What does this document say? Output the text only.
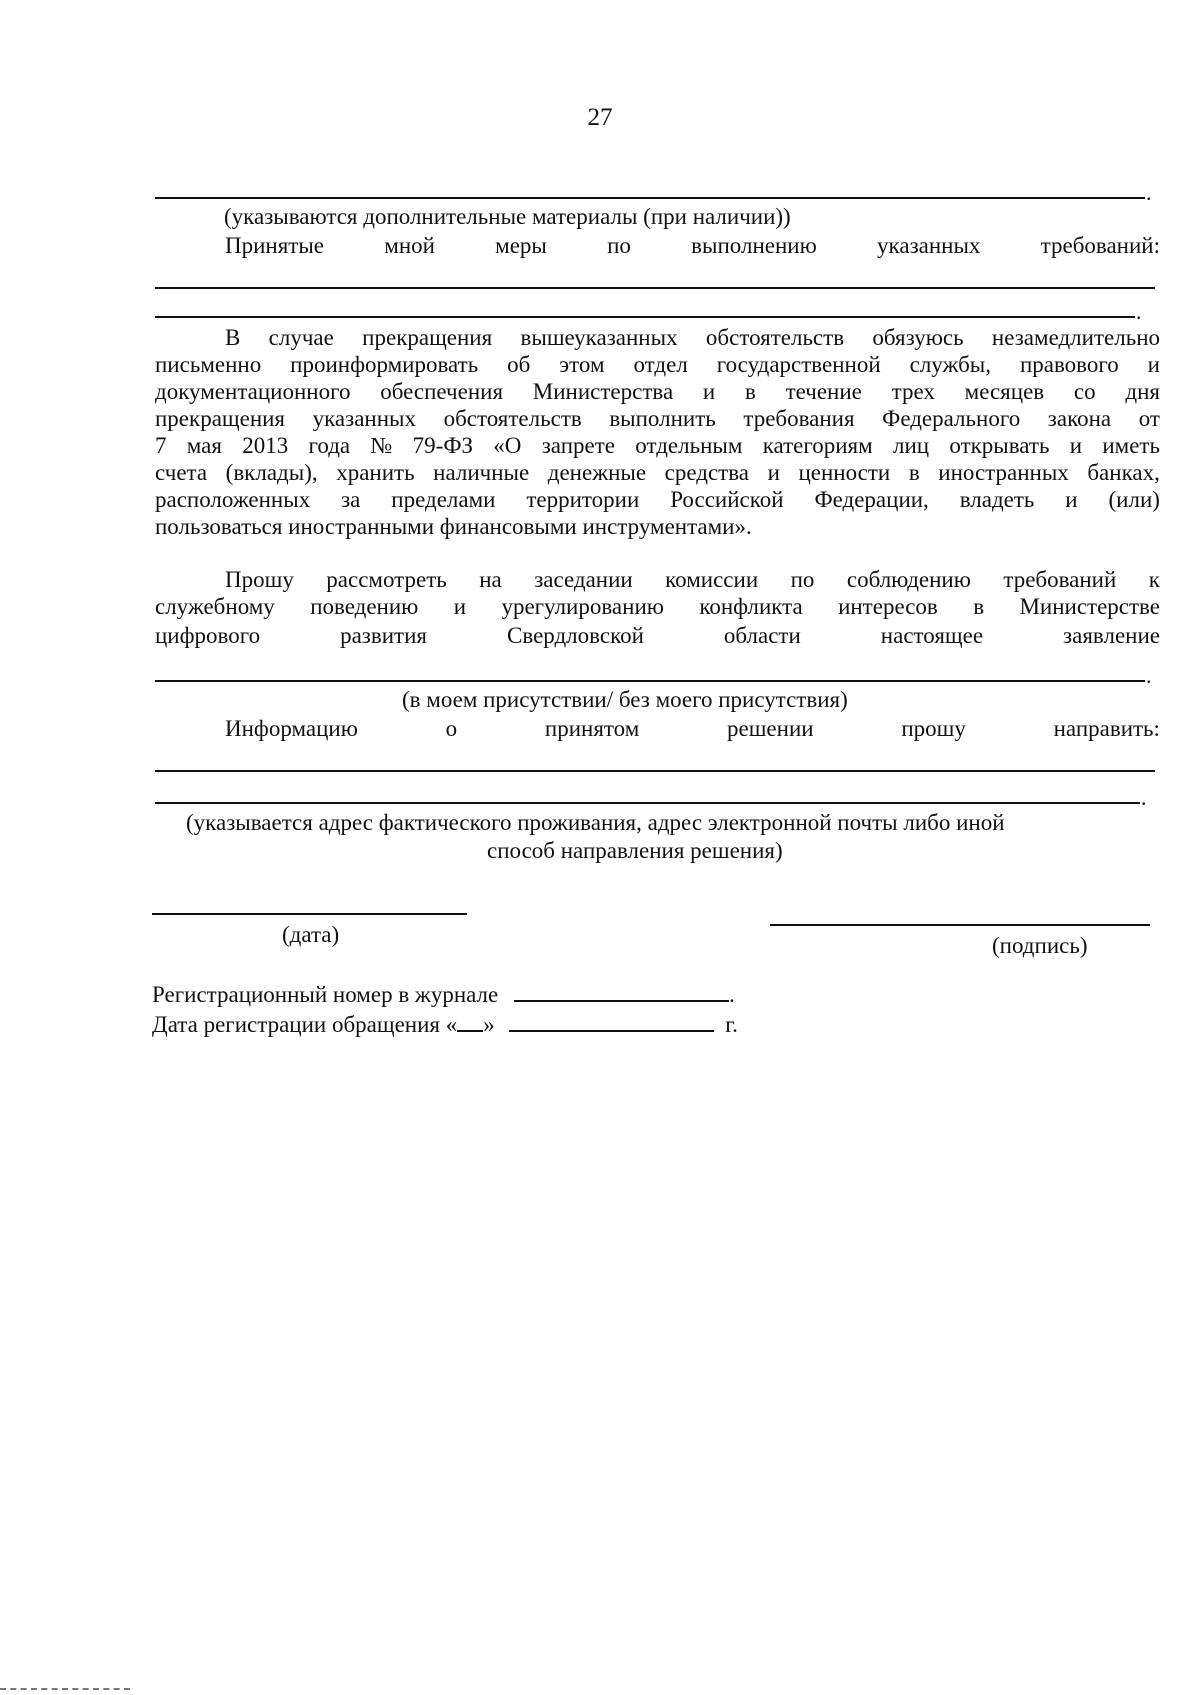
27
.
(указываются дополнительные материалы (при наличии))
Принятые	мной	меры	по	выполнению	указанных	требований:
.
В случае прекращения вышеуказанных обстоятельств обязуюсь незамедлительно
письменно проинформировать об этом отдел государственной службы, правового и
документационного обеспечения Министерства и в течение трех месяцев со дня
прекращения указанных обстоятельств выполнить требования Федерального закона от
7 мая 2013 года № 79-ФЗ «О запрете отдельным категориям лиц открывать и иметь
счета (вклады), хранить наличные денежные средства и ценности в иностранных банках,
расположенных за пределами территории Российской Федерации, владеть и (или)
пользоваться иностранными финансовыми инструментами».
Прошу рассмотреть на заседании комиссии по соблюдению требований к
служебному поведению и урегулированию конфликта интересов в Министерстве
цифрового	развития	Свердловской	области	настоящее	заявление
.
(в моем присутствии/ без моего присутствия)
Информацию	о	принятом	решении	прошу	направить:
.
(указывается адрес фактического проживания, адрес электронной почты либо иной
способ направления решения)
(дата)	(подпись)
Регистрационный номер в журнале	.
Дата регистрации обращения « »	г.
